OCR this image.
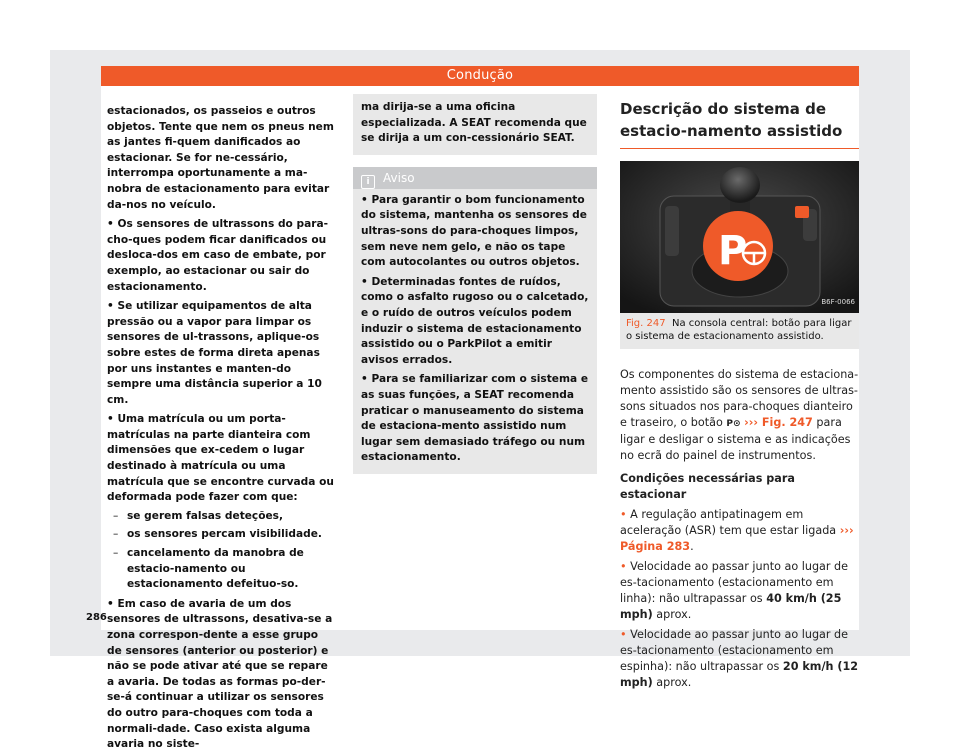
Condução

estacionados, os passeios e outros objetos. Tente que nem os pneus nem as jantes fi-quem danificados ao estacionar. Se for ne-cessário, interrompa oportunamente a ma-nobra de estacionamento para evitar da-nos no veículo.

• Os sensores de ultrassons do para-cho-ques podem ficar danificados ou desloca-dos em caso de embate, por exemplo, ao estacionar ou sair do estacionamento.

• Se utilizar equipamentos de alta pressão ou a vapor para limpar os sensores de ul-trassons, aplique-os sobre estes de forma direta apenas por uns instantes e manten-do sempre uma distância superior a 10 cm.

• Uma matrícula ou um porta-matrículas na parte dianteira com dimensões que ex-cedem o lugar destinado à matrícula ou uma matrícula que se encontre curvada ou deformada pode fazer com que:

– se gerem falsas deteções,

– os sensores percam visibilidade.

– cancelamento da manobra de estacio-namento ou estacionamento defeituo-so.

• Em caso de avaria de um dos sensores de ultrassons, desativa-se a zona correspon-dente a esse grupo de sensores (anterior ou posterior) e não se pode ativar até que se repare a avaria. De todas as formas po-der-se-á continuar a utilizar os sensores do outro para-choques com toda a normali-dade. Caso exista alguma avaria no siste-

ma dirija-se a uma oficina especializada. A SEAT recomenda que se dirija a um con-cessionário SEAT.

i Aviso

• Para garantir o bom funcionamento do sistema, mantenha os sensores de ultras-sons do para-choques limpos, sem neve nem gelo, e não os tape com autocolantes ou outros objetos.

• Determinadas fontes de ruídos, como o asfalto rugoso ou o calcetado, e o ruído de outros veículos podem induzir o sistema de estacionamento assistido ou o ParkPilot a emitir avisos errados.

• Para se familiarizar com o sistema e as suas funções, a SEAT recomenda praticar o manuseamento do sistema de estaciona-mento assistido num lugar sem demasiado tráfego ou num estacionamento.

Descrição do sistema de estacio-namento assistido
P
B6F-0066
Fig. 247 Na consola central: botão para ligar o sistema de estacionamento assistido.
Os componentes do sistema de estaciona-mento assistido são os sensores de ultras-sons situados nos para-choques dianteiro e traseiro, o botão P⊙ ››› Fig. 247 para ligar e desligar o sistema e as indicações no ecrã do painel de instrumentos.
Condições necessárias para estacionar

• A regulação antipatinagem em aceleração (ASR) tem que estar ligada ››› Página 283.

• Velocidade ao passar junto ao lugar de es-tacionamento (estacionamento em linha): não ultrapassar os 40 km/h (25 mph) aprox.

• Velocidade ao passar junto ao lugar de es-tacionamento (estacionamento em espinha): não ultrapassar os 20 km/h (12 mph) aprox.

286
